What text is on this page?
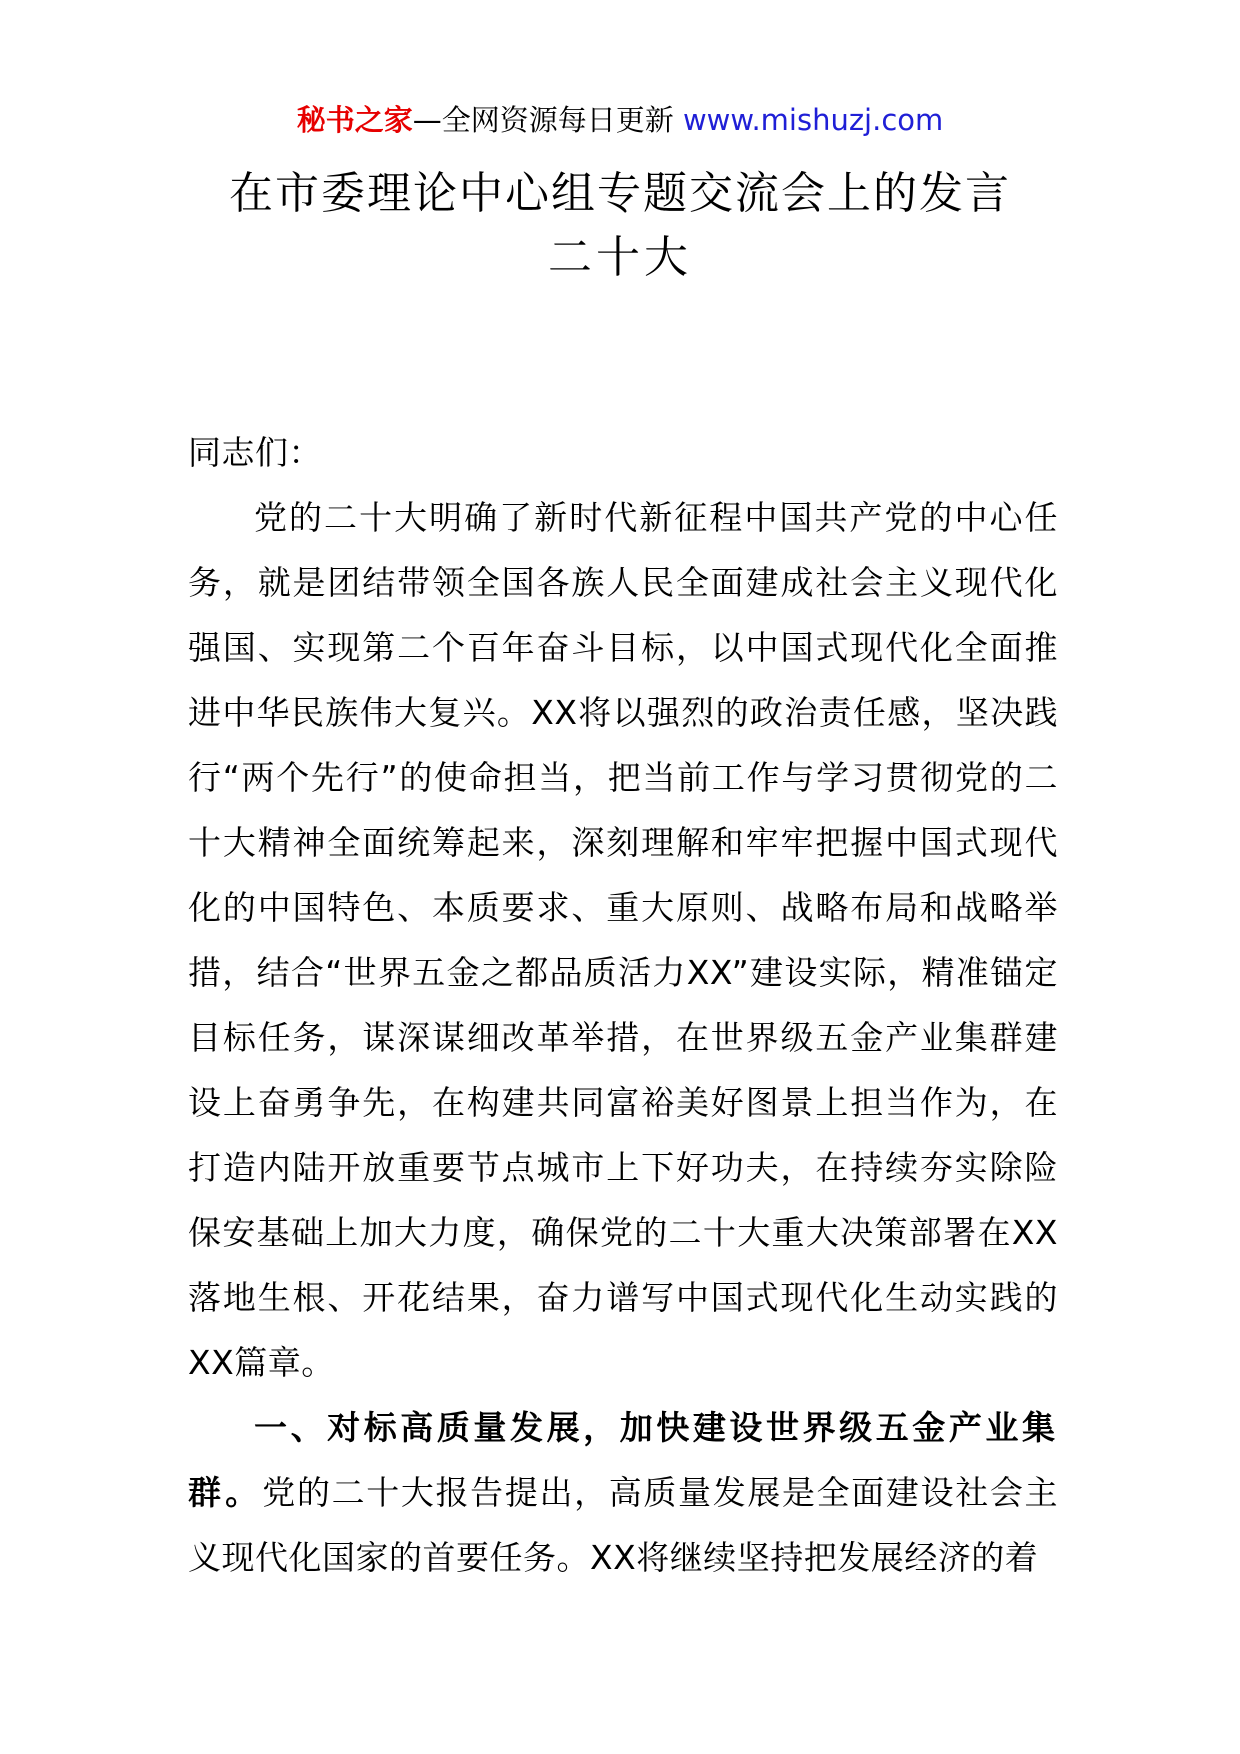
秘书之家—全网资源每日更新 www.mishuzj.com
在市委理论中心组专题交流会上的发言
二十大

同志们：

党的二十大明确了新时代新征程中国共产党的中心任务，就是团结带领全国各族人民全面建成社会主义现代化强国、实现第二个百年奋斗目标，以中国式现代化全面推进中华民族伟大复兴。XX将以强烈的政治责任感，坚决践行“两个先行”的使命担当，把当前工作与学习贯彻党的二十大精神全面统筹起来，深刻理解和牢牢把握中国式现代化的中国特色、本质要求、重大原则、战略布局和战略举措，结合“世界五金之都品质活力XX”建设实际，精准锚定目标任务，谋深谋细改革举措，在世界级五金产业集群建设上奋勇争先，在构建共同富裕美好图景上担当作为，在打造内陆开放重要节点城市上下好功夫，在持续夯实除险保安基础上加大力度，确保党的二十大重大决策部署在XX落地生根、开花结果，奋力谱写中国式现代化生动实践的XX篇章。

一、对标高质量发展，加快建设世界级五金产业集群。党的二十大报告提出，高质量发展是全面建设社会主义现代化国家的首要任务。XX将继续坚持把发展经济的着
